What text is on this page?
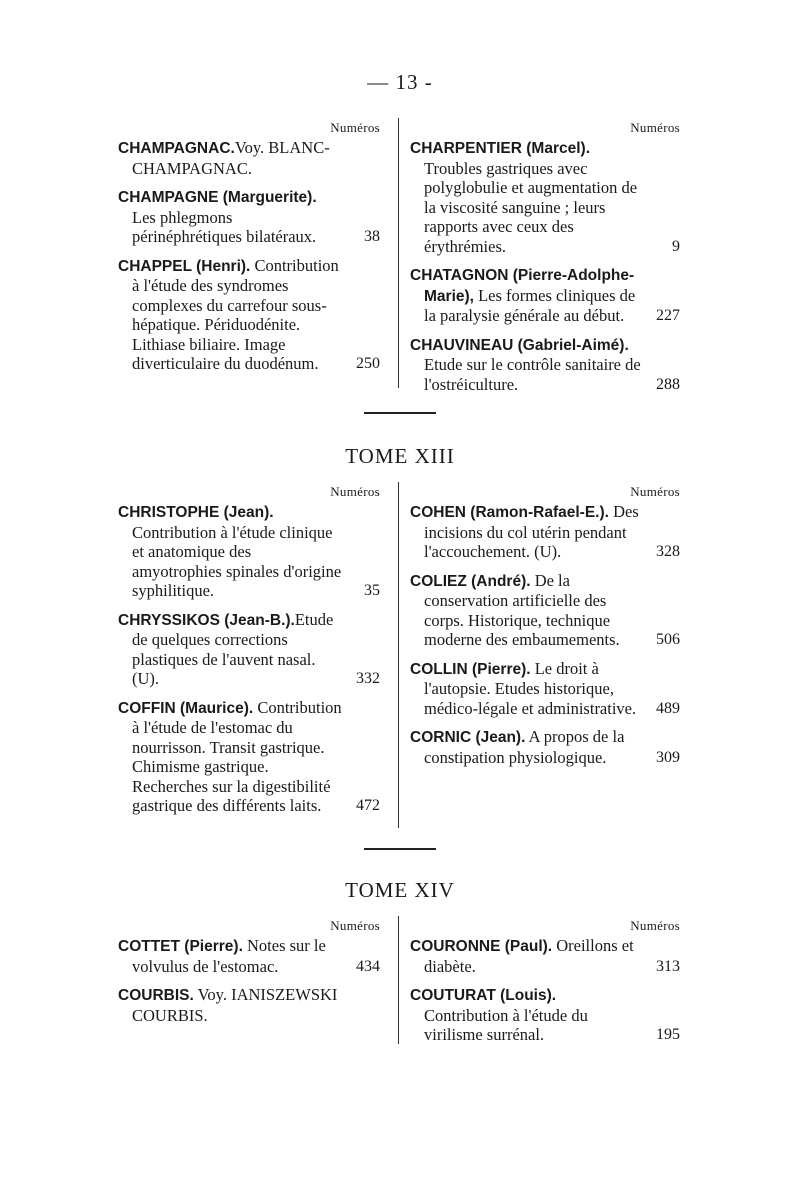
— 13 -
Numéros
CHAMPAGNAC.Voy. BLANC-CHAMPAGNAC.
CHAMPAGNE (Marguerite). Les phlegmons périnéphrétiques bilatéraux.	38
CHAPPEL (Henri). Contribution à l'étude des syndromes complexes du carrefour sous-hépatique. Périduodénite. Lithiase biliaire. Image diverticulaire du duodénum.	250
Numéros
CHARPENTIER (Marcel). Troubles gastriques avec polyglobulie et augmentation de la viscosité sanguine ; leurs rapports avec ceux des érythrémies.	9
CHATAGNON (Pierre-Adolphe-Marie), Les formes cliniques de la paralysie générale au début.	227
CHAUVINEAU (Gabriel-Aimé). Etude sur le contrôle sanitaire de l'ostréiculture.	288
TOME XIII
Numéros
CHRISTOPHE (Jean). Contribution à l'étude clinique et anatomique des amyotrophies spinales d'origine syphilitique.	35
CHRYSSIKOS (Jean-B.).Etude de quelques corrections plastiques de l'auvent nasal. (U).	332
COFFIN (Maurice). Contribution à l'étude de l'estomac du nourrisson. Transit gastrique. Chimisme gastrique. Recherches sur la digestibilité gastrique des différents laits.	472
Numéros
COHEN (Ramon-Rafael-E.). Des incisions du col utérin pendant l'accouchement. (U).	328
COLIEZ (André). De la conservation artificielle des corps. Historique, technique moderne des embaumements.	506
COLLIN (Pierre). Le droit à l'autopsie. Etudes historique, médico-légale et administrative.	489
CORNIC (Jean). A propos de la constipation physiologique.	309
TOME XIV
Numéros
COTTET (Pierre). Notes sur le volvulus de l'estomac.	434
COURBIS. Voy. IANISZEWSKI COURBIS.
Numéros
COURONNE (Paul). Oreillons et diabète.	313
COUTURAT (Louis). Contribution à l'étude du virilisme surrénal.	195
